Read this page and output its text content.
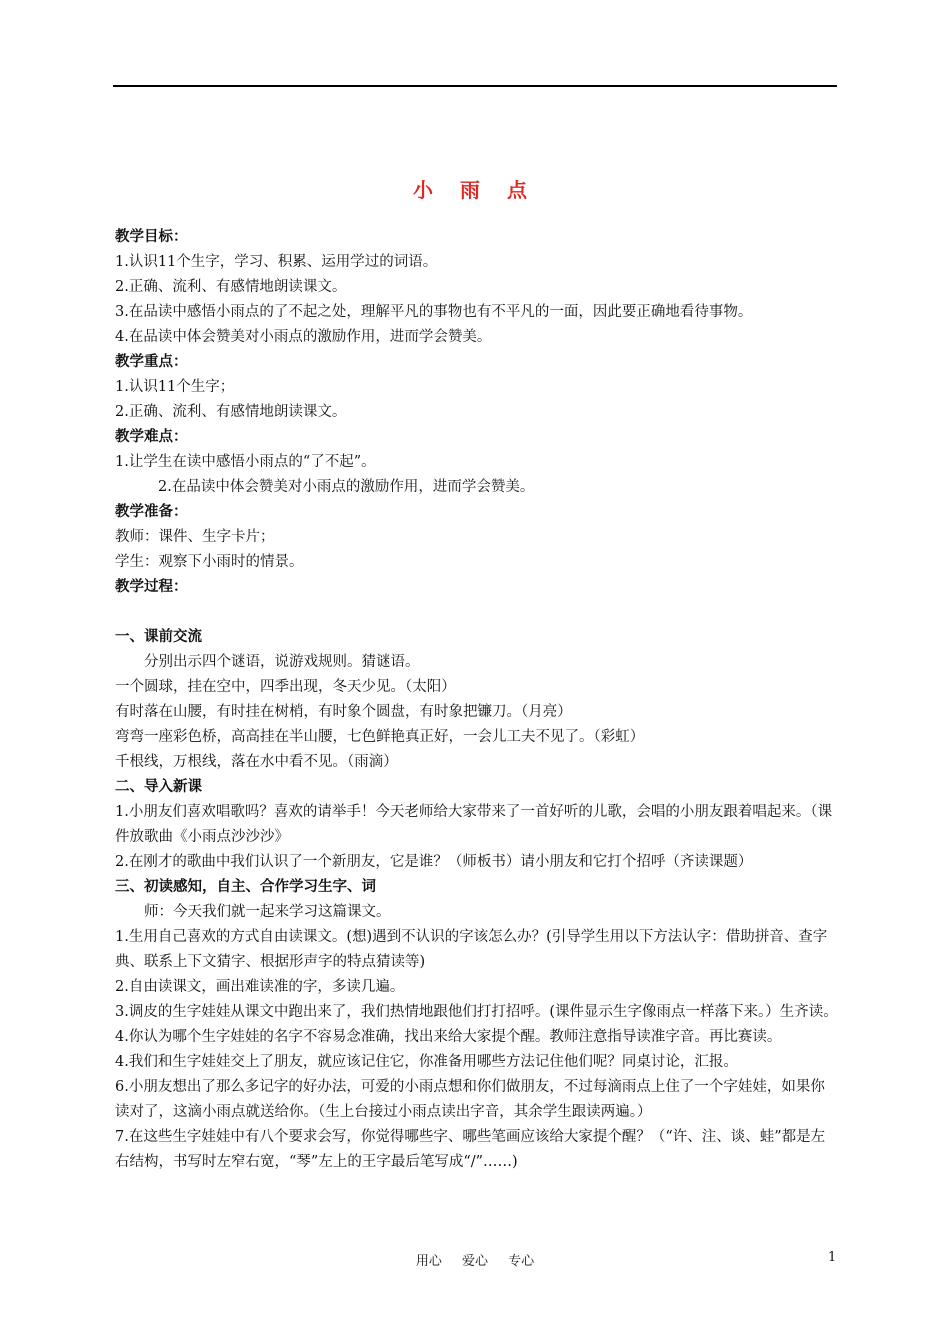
小 雨 点
教学目标：
1.认识11个生字，学习、积累、运用学过的词语。
2.正确、流利、有感情地朗读课文。
3.在品读中感悟小雨点的了不起之处，理解平凡的事物也有不平凡的一面，因此要正确地看待事物。
4.在品读中体会赞美对小雨点的激励作用，进而学会赞美。
教学重点：
1.认识11个生字；
2.正确、流利、有感情地朗读课文。
教学难点：
1.让学生在读中感悟小雨点的“了不起”。
2.在品读中体会赞美对小雨点的激励作用，进而学会赞美。
教学准备：
教师：课件、生字卡片；
学生：观察下小雨时的情景。
教学过程：
一、课前交流
分别出示四个谜语，说游戏规则。猜谜语。
一个圆球，挂在空中，四季出现，冬天少见。（太阳）
有时落在山腰，有时挂在树梢，有时象个圆盘，有时象把镰刀。（月亮）
弯弯一座彩色桥，高高挂在半山腰，七色鲜艳真正好，一会儿工夫不见了。（彩虹）
千根线，万根线，落在水中看不见。（雨滴）
二、导入新课
1.小朋友们喜欢唱歌吗？喜欢的请举手！今天老师给大家带来了一首好听的儿歌，会唱的小朋友跟着唱起来。（课件放歌曲《小雨点沙沙沙》
2.在刚才的歌曲中我们认识了一个新朋友，它是谁？（师板书）请小朋友和它打个招呼（齐读课题）
三、初读感知，自主、合作学习生字、词
师：今天我们就一起来学习这篇课文。
1.生用自己喜欢的方式自由读课文。(想)遇到不认识的字该怎么办？(引导学生用以下方法认字：借助拼音、查字典、联系上下文猜字、根据形声字的特点猜读等)
2.自由读课文，画出难读准的字，多读几遍。
3.调皮的生字娃娃从课文中跑出来了，我们热情地跟他们打打招呼。(课件显示生字像雨点一样落下来。）生齐读。
4.你认为哪个生字娃娃的名字不容易念准确，找出来给大家提个醒。教师注意指导读准字音。再比赛读。
4.我们和生字娃娃交上了朋友，就应该记住它，你准备用哪些方法记住他们呢？同桌讨论，汇报。
6.小朋友想出了那么多记字的好办法，可爱的小雨点想和你们做朋友，不过每滴雨点上住了一个字娃娃，如果你读对了，这滴小雨点就送给你。（生上台接过小雨点读出字音，其余学生跟读两遍。）
7.在这些生字娃娃中有八个要求会写，你觉得哪些字、哪些笔画应该给大家提个醒？（“许、注、谈、蛙”都是左右结构，书写时左窄右宽，“琴”左上的王字最后笔写成“/”……)
用心 爱心 专心	1
